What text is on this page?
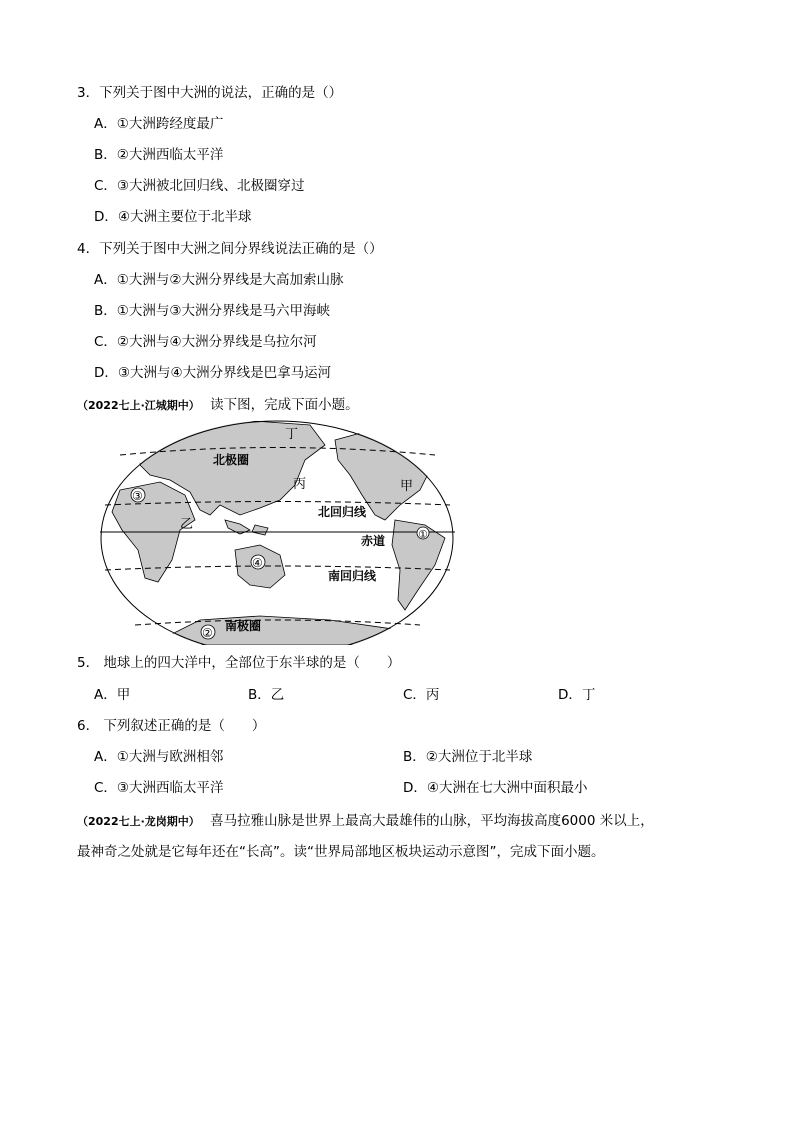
3．下列关于图中大洲的说法，正确的是（）
A．①大洲跨经度最广
B．②大洲西临太平洋
C．③大洲被北回归线、北极圈穿过
D．④大洲主要位于北半球
4．下列关于图中大洲之间分界线说法正确的是（）
A．①大洲与②大洲分界线是大高加索山脉
B．①大洲与③大洲分界线是马六甲海峡
C．②大洲与④大洲分界线是乌拉尔河
D．③大洲与④大洲分界线是巴拿马运河
（2022七上·江城期中） 读下图，完成下面小题。
北极圈
丁
丙	甲
北回归线
乙
赤道
南回归线
南极圈
①
②
③
④
5． 地球上的四大洋中，全部位于东半球的是（　　）
A．甲	B．乙	C．丙	D．丁
6． 下列叙述正确的是（　　）
A．①大洲与欧洲相邻	B．②大洲位于北半球
C．③大洲西临太平洋	D．④大洲在七大洲中面积最小
（2022七上·龙岗期中） 喜马拉雅山脉是世界上最高大最雄伟的山脉，平均海拔高度6000 米以上，
最神奇之处就是它每年还在“长高”。读“世界局部地区板块运动示意图”，完成下面小题。
